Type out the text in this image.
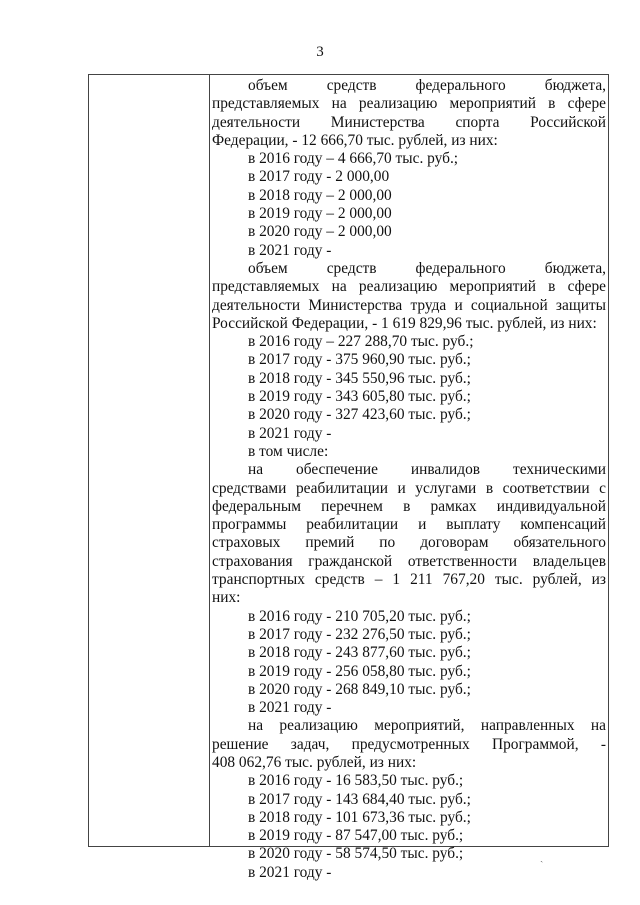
3

объем средств федерального бюджета,

представляемых на реализацию мероприятий в сфере

деятельности Министерства спорта Российской

Федерации, - 12 666,70 тыс. рублей, из них:

в 2016 году – 4 666,70 тыс. руб.;

в 2017 году - 2 000,00

в 2018 году – 2 000,00

в 2019 году – 2 000,00

в 2020 году – 2 000,00

в 2021 году -

объем средств федерального бюджета,

представляемых на реализацию мероприятий в сфере

деятельности Министерства труда и социальной защиты

Российской Федерации, - 1 619 829,96 тыс. рублей, из них:

в 2016 году – 227 288,70 тыс. руб.;

в 2017 году - 375 960,90 тыс. руб.;

в 2018 году - 345 550,96 тыс. руб.;

в 2019 году - 343 605,80 тыс. руб.;

в 2020 году - 327 423,60 тыс. руб.;

в 2021 году -

в том числе:

на обеспечение инвалидов техническими

средствами реабилитации и услугами в соответствии с

федеральным перечнем в рамках индивидуальной

программы реабилитации и выплату компенсаций

страховых премий по договорам обязательного

страхования гражданской ответственности владельцев

транспортных средств – 1 211 767,20 тыс. рублей, из

них:

в 2016 году - 210 705,20 тыс. руб.;

в 2017 году - 232 276,50 тыс. руб.;

в 2018 году - 243 877,60 тыс. руб.;

в 2019 году - 256 058,80 тыс. руб.;

в 2020 году - 268 849,10 тыс. руб.;

в 2021 году -

на реализацию мероприятий, направленных на

решение задач, предусмотренных Программой, -

408 062,76 тыс. рублей, из них:

в 2016 году - 16 583,50 тыс. руб.;

в 2017 году - 143 684,40 тыс. руб.;

в 2018 году - 101 673,36 тыс. руб.;

в 2019 году - 87 547,00 тыс. руб.;

в 2020 году - 58 574,50 тыс. руб.;

в 2021 году -

ˎ
